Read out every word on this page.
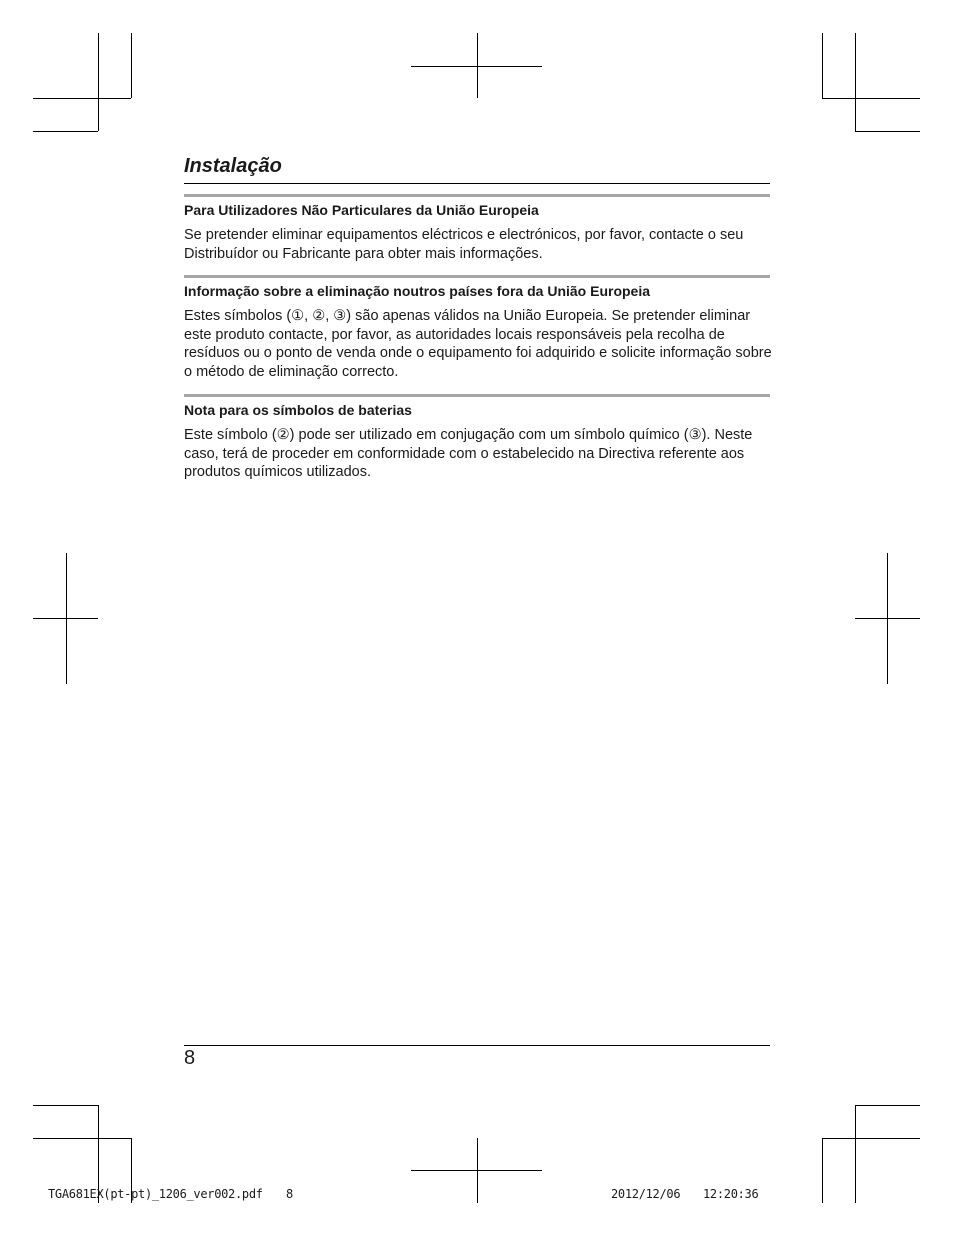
Instalação
Para Utilizadores Não Particulares da União Europeia

Se pretender eliminar equipamentos eléctricos e electrónicos, por favor, contacte o seu Distribuídor ou Fabricante para obter mais informações.

Informação sobre a eliminação noutros países fora da União Europeia

Estes símbolos (①, ②, ③) são apenas válidos na União Europeia. Se pretender eliminar este produto contacte, por favor, as autoridades locais responsáveis pela recolha de resíduos ou o ponto de venda onde o equipamento foi adquirido e solicite informação sobre o método de eliminação correcto.

Nota para os símbolos de baterias

Este símbolo (②) pode ser utilizado em conjugação com um símbolo químico (③). Neste caso, terá de proceder em conformidade com o estabelecido na Directiva referente aos produtos químicos utilizados.

8
TGA681EX(pt-pt)_1206_ver002.pdf 8	2012/12/06 12:20:36
